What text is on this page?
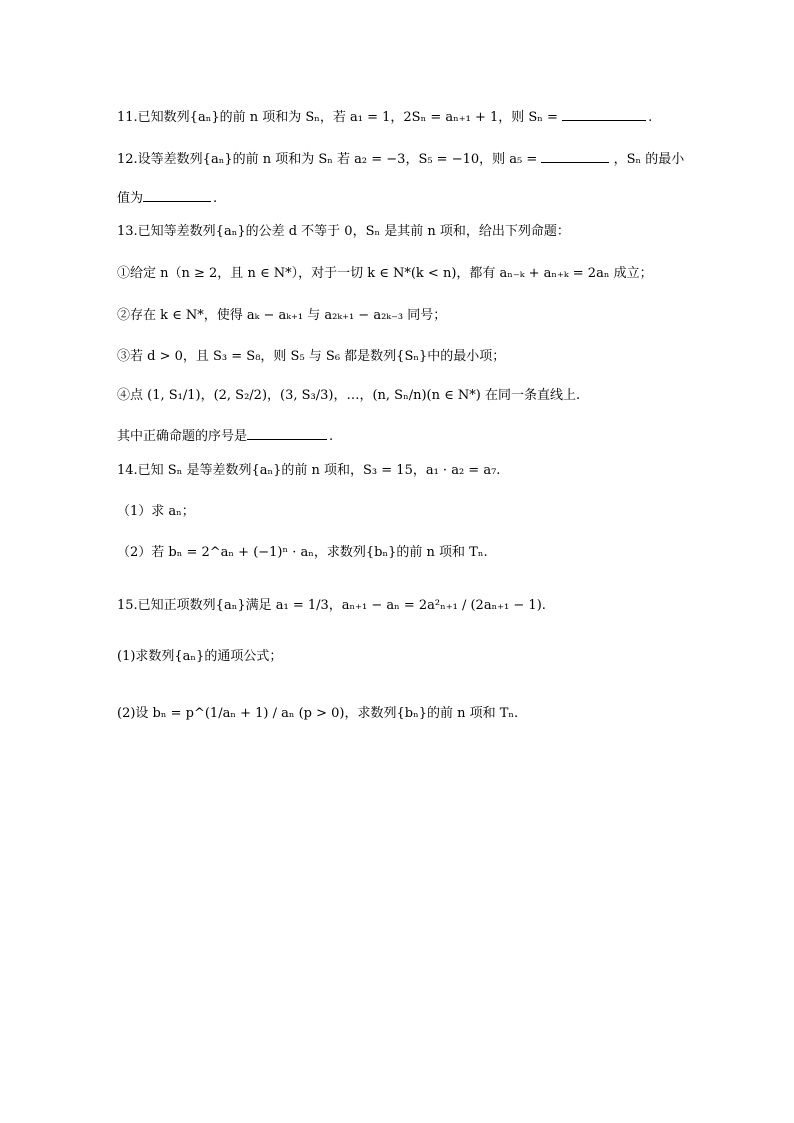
11.已知数列{aₙ}的前 n 项和为 Sₙ，若 a₁ = 1，2Sₙ = aₙ₊₁ + 1，则 Sₙ =	.
12.设等差数列{aₙ}的前 n 项和为 Sₙ 若 a₂ = −3，S₅ = −10，则 a₅ =	，Sₙ 的最小
值为	.
13.已知等差数列{aₙ}的公差 d 不等于 0，Sₙ 是其前 n 项和，给出下列命题：
①给定 n（n ≥ 2，且 n ∈ N*），对于一切 k ∈ N*(k < n)，都有 aₙ₋ₖ + aₙ₊ₖ = 2aₙ 成立；
②存在 k ∈ N*，使得 aₖ − aₖ₊₁ 与 a₂ₖ₊₁ − a₂ₖ₋₃ 同号；
③若 d > 0，且 S₃ = S₈，则 S₅ 与 S₆ 都是数列{Sₙ}中的最小项；
④点 (1, S₁/1)，(2, S₂/2)，(3, S₃/3)，…，(n, Sₙ/n)(n ∈ N*) 在同一条直线上.
其中正确命题的序号是	.
14.已知 Sₙ 是等差数列{aₙ}的前 n 项和，S₃ = 15，a₁ · a₂ = a₇.
（1）求 aₙ；
（2）若 bₙ = 2^aₙ + (−1)ⁿ · aₙ，求数列{bₙ}的前 n 项和 Tₙ.
15.已知正项数列{aₙ}满足 a₁ = 1/3，aₙ₊₁ − aₙ = 2a²ₙ₊₁ / (2aₙ₊₁ − 1).
(1)求数列{aₙ}的通项公式；
(2)设 bₙ = p^(1/aₙ + 1) / aₙ (p > 0)，求数列{bₙ}的前 n 项和 Tₙ.
